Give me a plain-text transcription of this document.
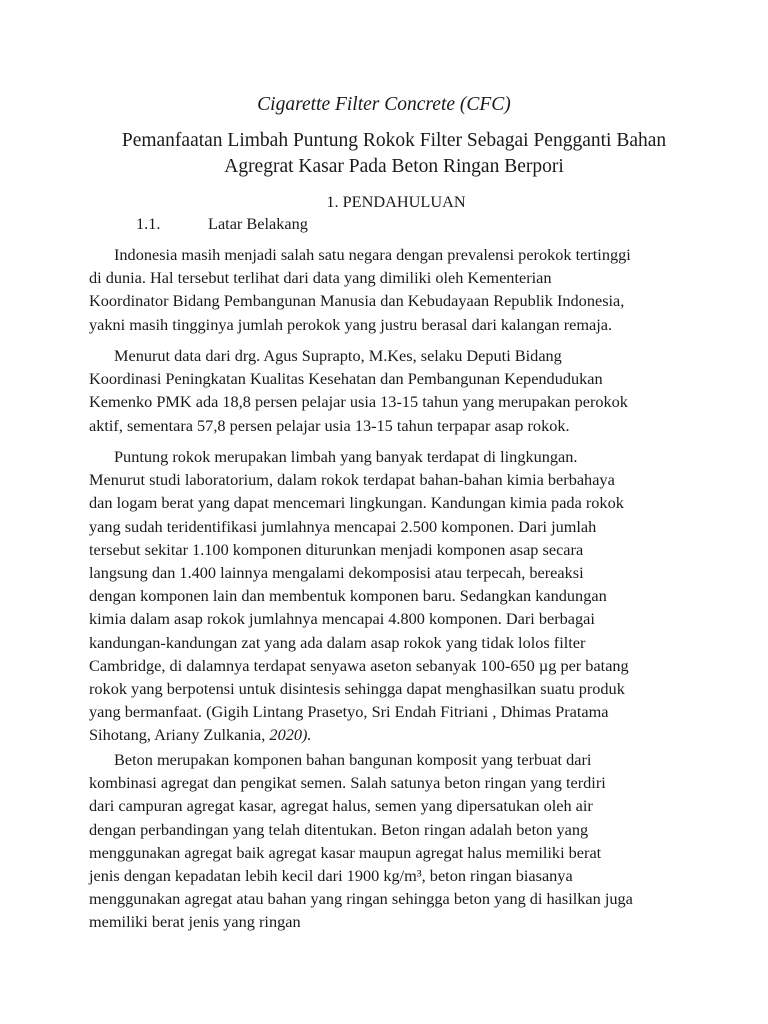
Cigarette Filter Concrete (CFC)
Pemanfaatan Limbah Puntung Rokok Filter Sebagai Pengganti Bahan
Agregrat Kasar Pada Beton Ringan Berpori
1. PENDAHULUAN
1.1.	Latar Belakang
Indonesia masih menjadi salah satu negara dengan prevalensi perokok tertinggi
di dunia. Hal tersebut terlihat dari data yang dimiliki oleh Kementerian
Koordinator Bidang Pembangunan Manusia dan Kebudayaan Republik Indonesia,
yakni masih tingginya jumlah perokok yang justru berasal dari kalangan remaja.
Menurut data dari drg. Agus Suprapto, M.Kes, selaku Deputi Bidang
Koordinasi Peningkatan Kualitas Kesehatan dan Pembangunan Kependudukan
Kemenko PMK ada 18,8 persen pelajar usia 13-15 tahun yang merupakan perokok
aktif, sementara 57,8 persen pelajar usia 13-15 tahun terpapar asap rokok.
Puntung rokok merupakan limbah yang banyak terdapat di lingkungan.
Menurut studi laboratorium, dalam rokok terdapat bahan-bahan kimia berbahaya
dan logam berat yang dapat mencemari lingkungan. Kandungan kimia pada rokok
yang sudah teridentifikasi jumlahnya mencapai 2.500 komponen. Dari jumlah
tersebut sekitar 1.100 komponen diturunkan menjadi komponen asap secara
langsung dan 1.400 lainnya mengalami dekomposisi atau terpecah, bereaksi
dengan komponen lain dan membentuk komponen baru. Sedangkan kandungan
kimia dalam asap rokok jumlahnya mencapai 4.800 komponen. Dari berbagai
kandungan-kandungan zat yang ada dalam asap rokok yang tidak lolos filter
Cambridge, di dalamnya terdapat senyawa aseton sebanyak 100-650 µg per batang
rokok yang berpotensi untuk disintesis sehingga dapat menghasilkan suatu produk
yang bermanfaat. (Gigih Lintang Prasetyo, Sri Endah Fitriani , Dhimas Pratama
Sihotang, Ariany Zulkania, 2020).
Beton merupakan komponen bahan bangunan komposit yang terbuat dari
kombinasi agregat dan pengikat semen. Salah satunya beton ringan yang terdiri
dari campuran agregat kasar, agregat halus, semen yang dipersatukan oleh air
dengan perbandingan yang telah ditentukan. Beton ringan adalah beton yang
menggunakan agregat baik agregat kasar maupun agregat halus memiliki berat
jenis dengan kepadatan lebih kecil dari 1900 kg/m³, beton ringan biasanya
menggunakan agregat atau bahan yang ringan sehingga beton yang di hasilkan juga
memiliki berat jenis yang ringan
